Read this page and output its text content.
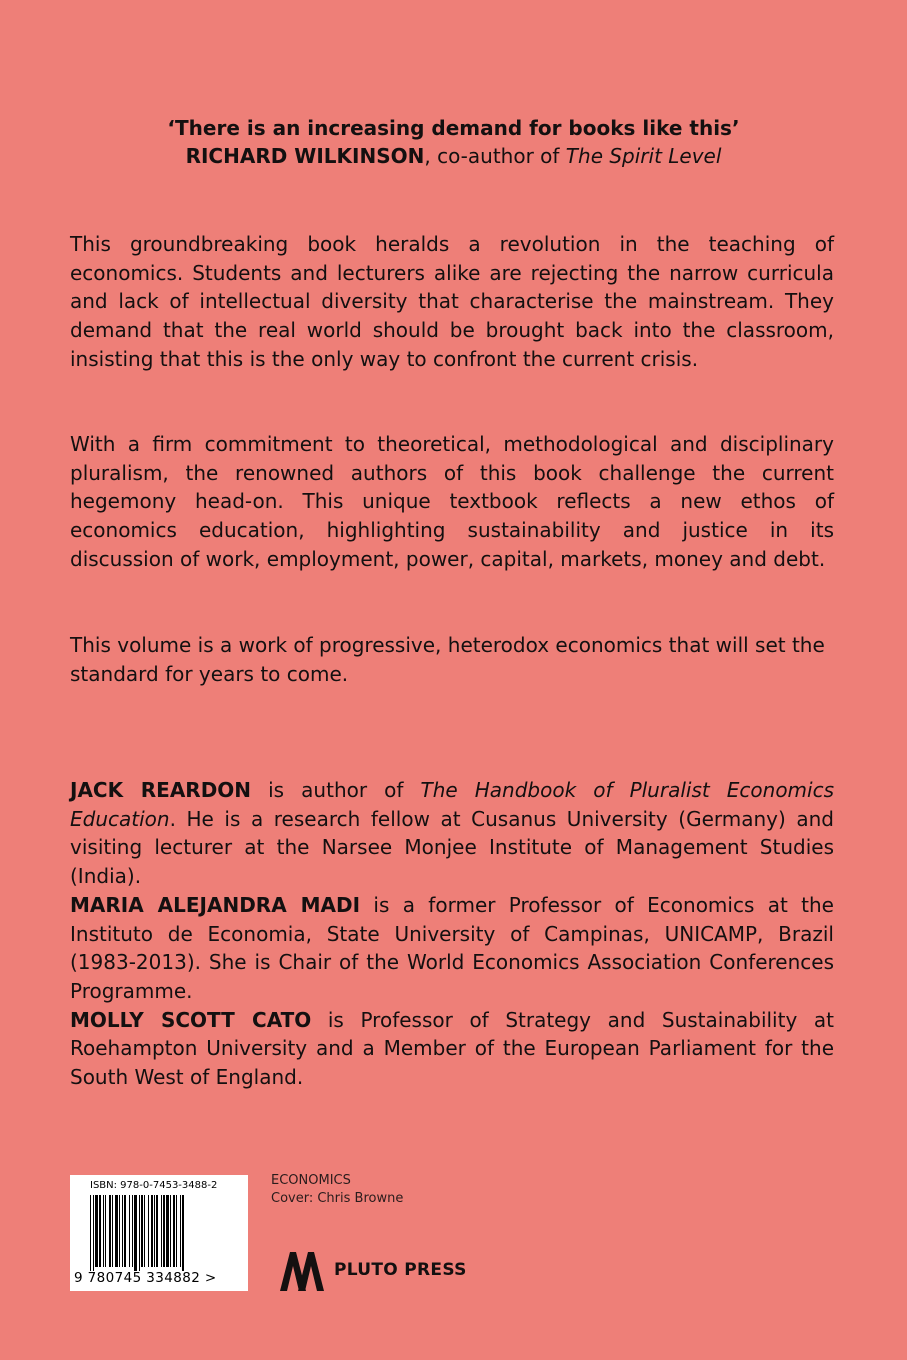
‘There is an increasing demand for books like this’
RICHARD WILKINSON, co-author of The Spirit Level

This groundbreaking book heralds a revolution in the teaching of economics. Students and lecturers alike are rejecting the narrow curricula and lack of intellectual diversity that characterise the mainstream. They demand that the real world should be brought back into the classroom, insisting that this is the only way to confront the current crisis.

With a firm commitment to theoretical, methodological and disciplinary pluralism, the renowned authors of this book challenge the current hegemony head-on. This unique textbook reflects a new ethos of economics education, highlighting sustainability and justice in its discussion of work, employment, power, capital, markets, money and debt.

This volume is a work of progressive, heterodox economics that will set the standard for years to come.

JACK REARDON is author of The Handbook of Pluralist Economics Education. He is a research fellow at Cusanus University (Germany) and visiting lecturer at the Narsee Monjee Institute of Management Studies (India).

MARIA ALEJANDRA MADI is a former Professor of Economics at the Instituto de Economia, State University of Campinas, UNICAMP, Brazil (1983-2013). She is Chair of the World Economics Association Conferences Programme.

MOLLY SCOTT CATO is Professor of Strategy and Sustainability at Roehampton University and a Member of the European Parliament for the South West of England.

ISBN: 978-0-7453-3488-2
9 780745 334882 >
ECONOMICS
Cover: Chris Browne
PLUTO PRESS
